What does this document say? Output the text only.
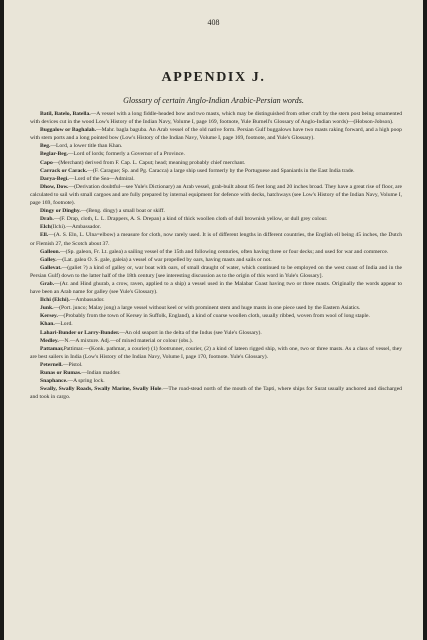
408
APPENDIX J.
Glossary of certain Anglo-Indian Arabic-Persian words.

Batil, Batelo, Batella.—A vessel with a long fiddle-headed bow and two masts, which may be distinguished from other craft by the stern post being ornamented with devices cut in the wood Low's History of the Indian Navy, Volume I, page 169, footnote, Yule Burnell's Glossary of Anglo-Indian words)—(Hobson-Jobson).

Buggalow or Baghalah.—Mahr. bagla baguba. An Arab vessel of the old native form. Persian Gulf buggalows have two masts raking forward, and a high poop with stern ports and a long pointed bow (Low's History of the Indian Navy, Volume I, page 169, footnote, and Yule's Glossary).

Beg.—Lord, a lower title than Khan.

Beglar-Beg.—Lord of lords; formerly a Governor of a Province.

Capo—(Merchant) derived from F. Cap. L. Caput; head; meaning probably chief merchant.

Carrack or Carack.—(F. Carague; Sp. and Pg. Caracca) a large ship used formerly by the Portuguese and Spaniards in the East India trade.

Darya-Begi.—Lord of the Sea—Admiral.

Dhow, Dow.—(Derivation doubtful—see Yule's Dictionary) an Arab vessel, grab-built about 85 feet long and 20 inches broad. They have a great rise of floor, are calculated to sail with small cargoes and are fully prepared by internal equipment for defence with decks, hatchways (see Low's History of the Indian Navy, Volume I, page 169, footnote).

Dingy or Dinghy.—(Beng. dingy) a small boat or skiff.

Drab.—(F. Drap, cloth, L. L. Drappers, A. S. Drepan) a kind of thick woollen cloth of dull brownish yellow, or dull grey colour.

Elch(Ilchi).—Ambassador.

Ell.—(A. S. Eln, L. Ulna=elbow) a measure for cloth, now rarely used. It is of different lengths in different countries, the English ell being 45 inches, the Dutch or Flemish 27, the Scotch about 37.

Galleon.—(Sp. galeon, Fr. Lt. galea) a sailing vessel of the 15th and following centuries, often having three or four decks; and used for war and commerce.

Galley.—(Lat. galea O. S. gale, galeia) a vessel of war propelled by oars, having masts and sails or not.

Gallevat.—(galiet ?) a kind of galley or, war boat with oars, of small draught of water, which continued to be employed on the west coast of India and in the Persian Gulf) down to the latter half of the 18th century [see interesting discussion as to the origin of this word in Yule's Glossary].

Grab.—(Ar. and Hind ghurab, a crow, raven, applied to a ship) a vessel used in the Malabar Coast having two or three masts. Originally the words appear to have been an Arab name for galley (see Yule's Glossary).

Ilchi (Elchi).—Ambassador.

Junk.—(Port. junco; Malay jong) a large vessel without keel or with prominent stem and huge masts in one piece used by the Eastern Asiatics.

Kersey.—(Probably from the town of Kersey in Suffolk, England), a kind of coarse woollen cloth, usually ribbed, woven from wool of long staple.

Khan.—Lord.

Lahari-Bunder or Larry-Bunder.—An old seaport in the delta of the Indus (see Yule's Glossary).

Medley.—N.—A mixture. Adj.—of mixed material or colour (obs.).

Pattamar,Pattimar.—(Konk. pathmar, a courier) (1) footrunner, courier, (2) a kind of lateen rigged ship, with one, two or three masts. As a class of vessel, they are best sailers in India (Low's History of the Indian Navy, Volume I, page 170, footnote. Yule's Glossary).

Peternell.—Pistol.

Runas or Rumas.—Indian madder.

Snaphance.—A spring lock.

Swally, Swally Roads, Swally Marine, Swally Hole.—The road-stead north of the mouth of the Tapti, where ships for Surat usually anchored and discharged and took in cargo.
